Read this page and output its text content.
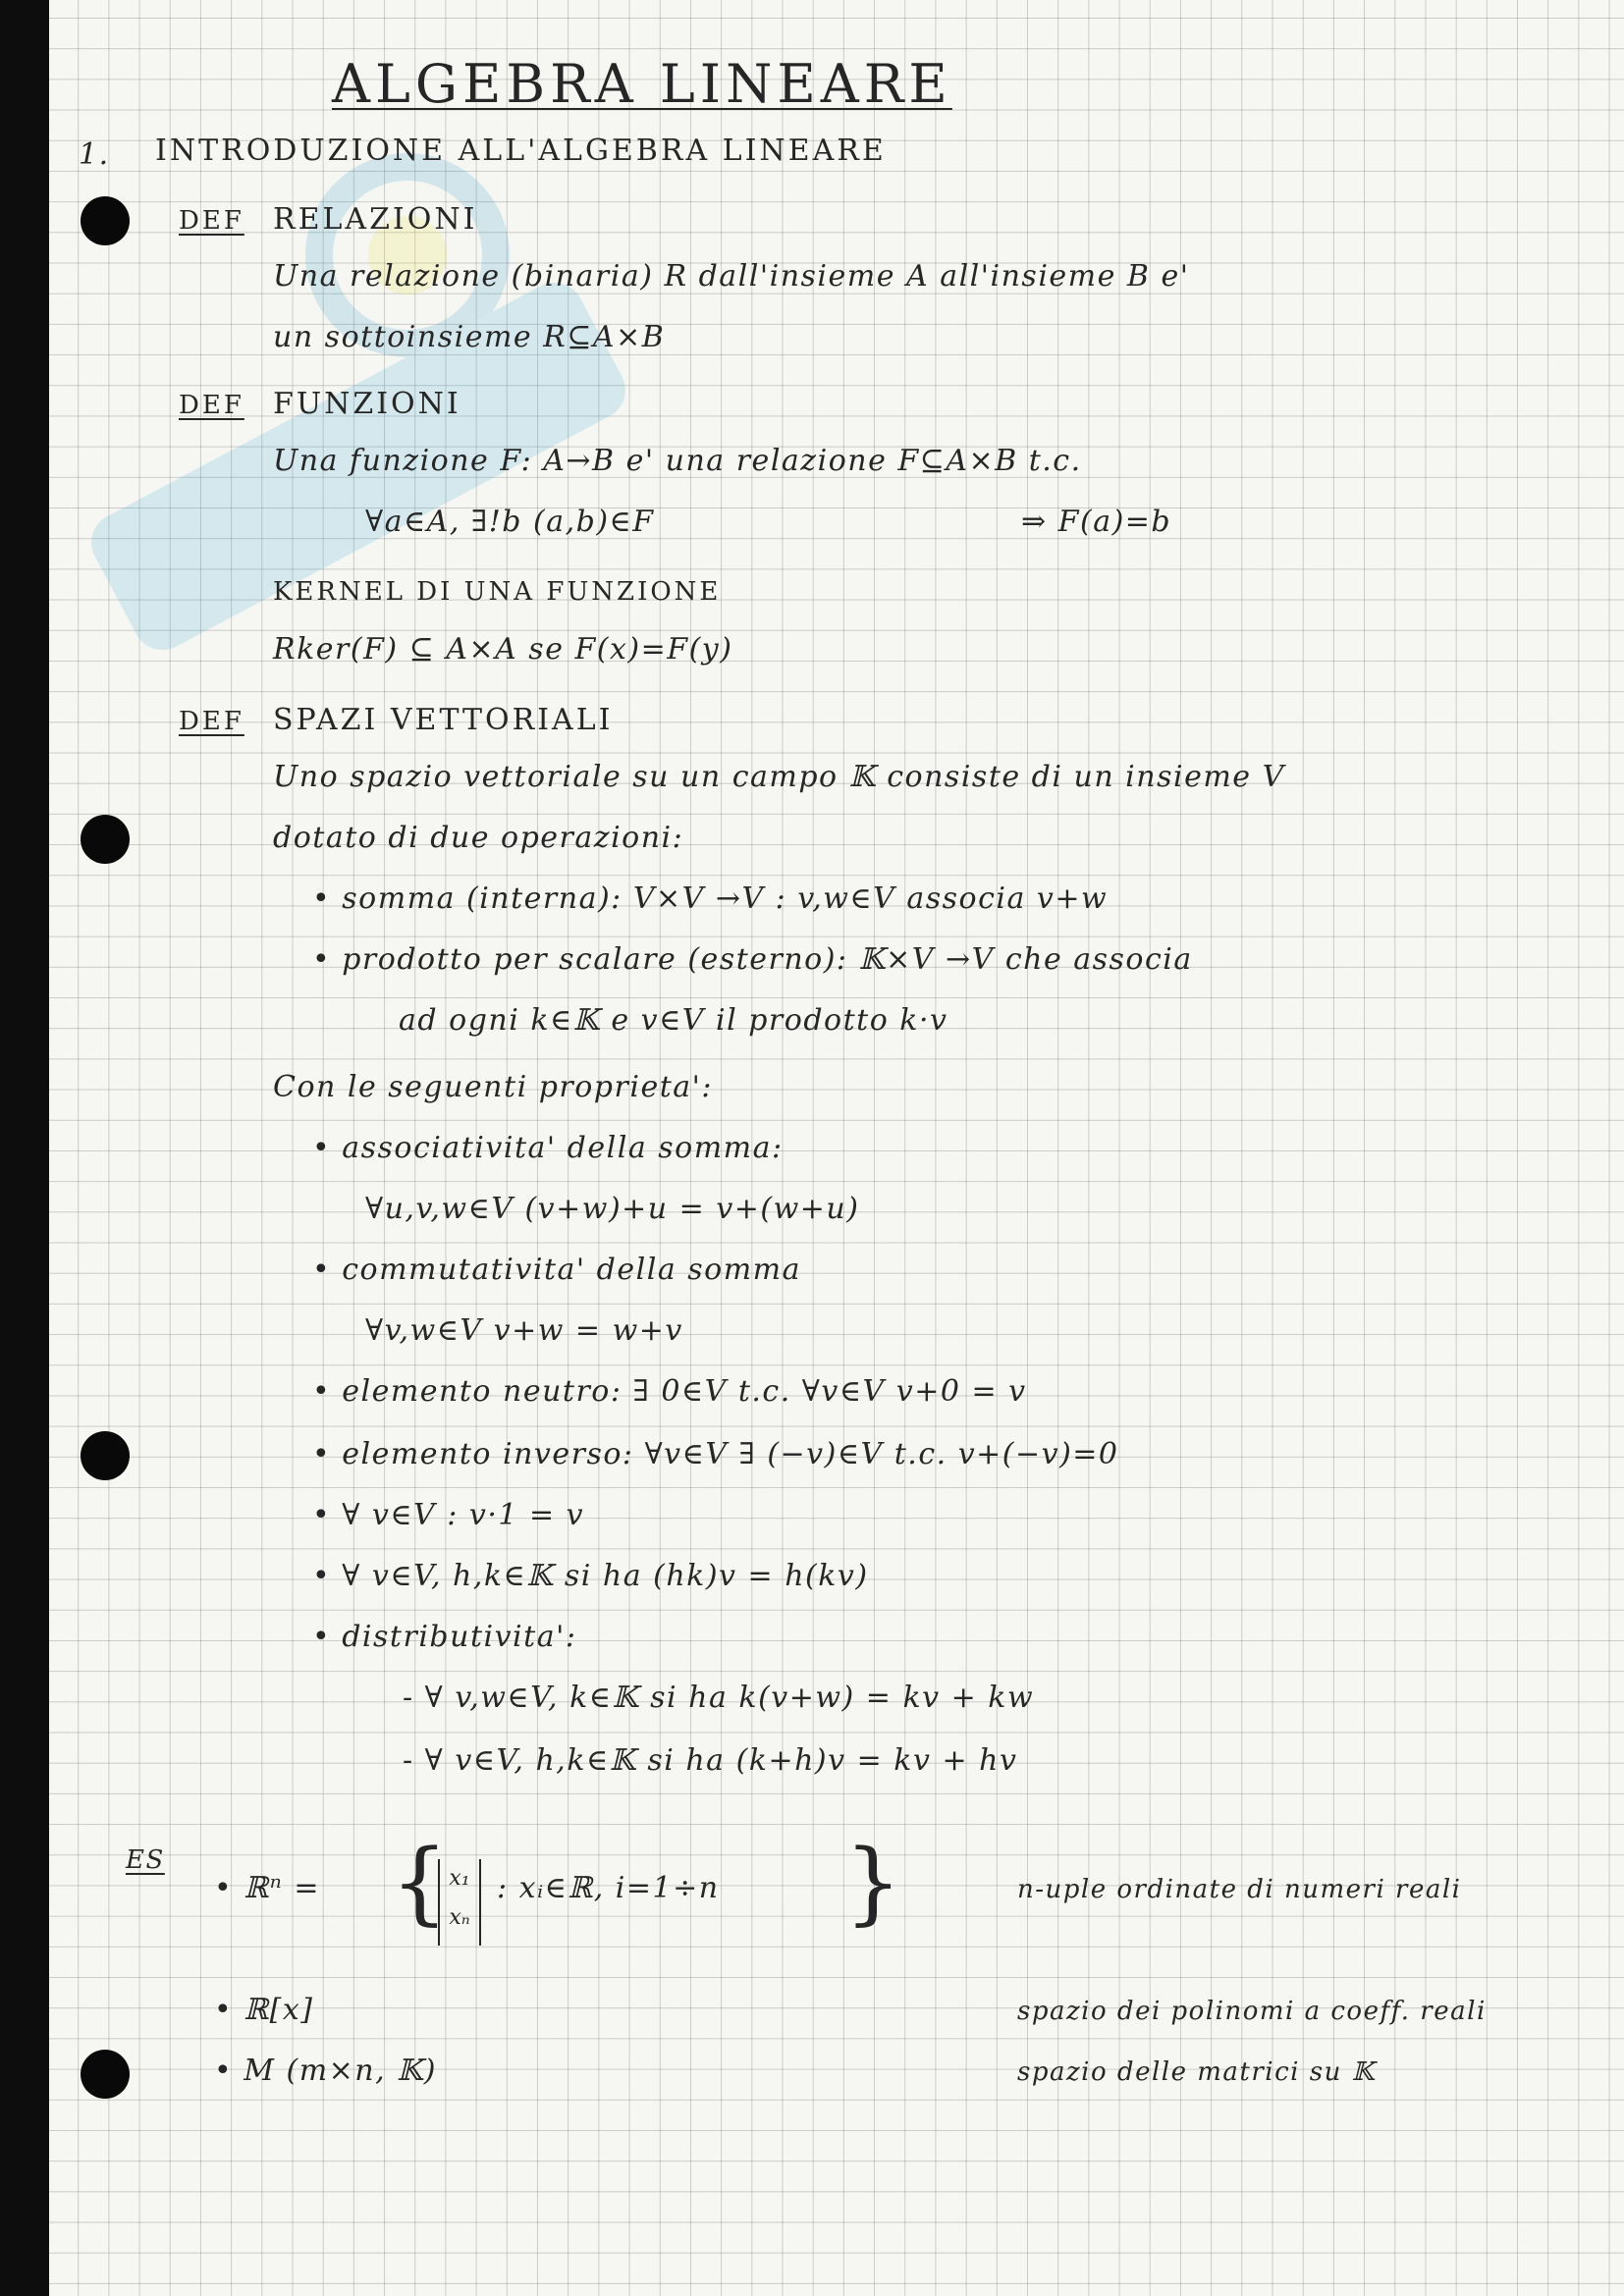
ALGEBRA LINEARE
1. INTRODUZIONE ALL'ALGEBRA LINEARE
DEF RELAZIONI
Una relazione (binaria) R dall'insieme A all'insieme B e'
un sottoinsieme R⊆A×B
DEF FUNZIONI
Una funzione F: A→B e' una relazione F⊆A×B t.c.
∀a∈A, ∃!b (a,b)∈F	⇒ F(a)=b
KERNEL DI UNA FUNZIONE
Rker(F) ⊆ A×A se F(x)=F(y)
DEF SPAZI VETTORIALI
Uno spazio vettoriale su un campo 𝕂 consiste di un insieme V
dotato di due operazioni:
• somma (interna): V×V →V : v,w∈V associa v+w
• prodotto per scalare (esterno): 𝕂×V →V che associa
ad ogni k∈𝕂 e v∈V il prodotto k·v
Con le seguenti proprieta':
• associativita' della somma:
∀u,v,w∈V (v+w)+u = v+(w+u)
• commutativita' della somma
∀v,w∈V v+w = w+v
• elemento neutro: ∃ 0∈V t.c. ∀v∈V v+0 = v
• elemento inverso: ∀v∈V ∃ (−v)∈V t.c. v+(−v)=0
• ∀ v∈V : v·1 = v
• ∀ v∈V, h,k∈𝕂 si ha (hk)v = h(kv)
• distributivita':
- ∀ v,w∈V, k∈𝕂 si ha k(v+w) = kv + kw
- ∀ v∈V, h,k∈𝕂 si ha (k+h)v = kv + hv
ES
• ℝⁿ = { x₁
xₙ
: xᵢ∈ℝ, i=1÷n }	n-uple ordinate di numeri reali
• ℝ[x]	spazio dei polinomi a coeff. reali
• M (m×n, 𝕂)	spazio delle matrici su 𝕂
